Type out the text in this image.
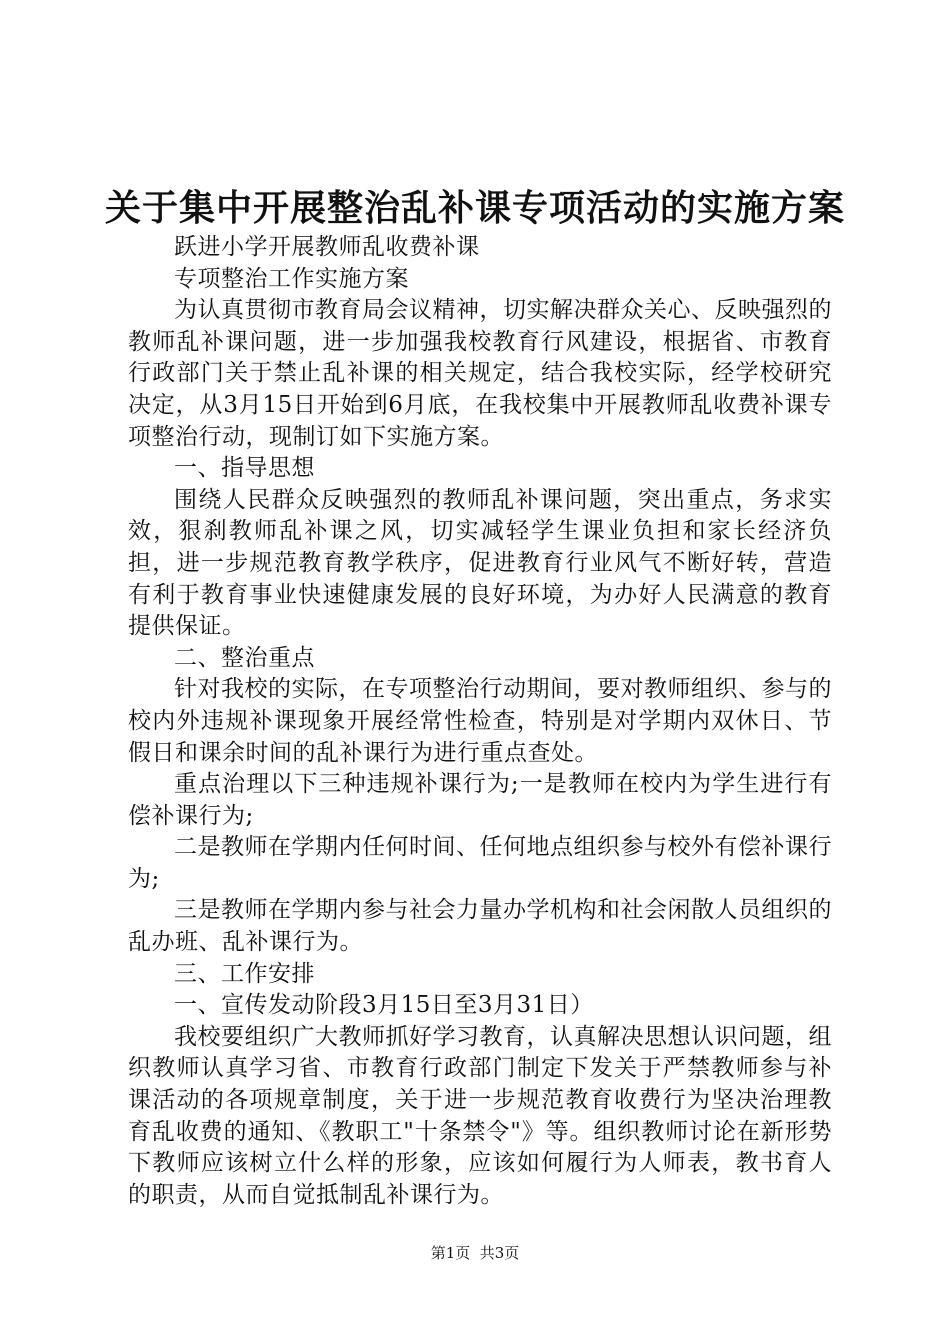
关于集中开展整治乱补课专项活动的实施方案

跃进小学开展教师乱收费补课

专项整治工作实施方案

为认真贯彻市教育局会议精神，切实解决群众关心、反映强烈的教师乱补课问题，进一步加强我校教育行风建设，根据省、市教育行政部门关于禁止乱补课的相关规定，结合我校实际，经学校研究决定，从3月15日开始到6月底，在我校集中开展教师乱收费补课专项整治行动，现制订如下实施方案。

一、指导思想

围绕人民群众反映强烈的教师乱补课问题，突出重点，务求实效，狠刹教师乱补课之风，切实减轻学生课业负担和家长经济负担，进一步规范教育教学秩序，促进教育行业风气不断好转，营造有利于教育事业快速健康发展的良好环境，为办好人民满意的教育提供保证。

二、整治重点

针对我校的实际，在专项整治行动期间，要对教师组织、参与的校内外违规补课现象开展经常性检查，特别是对学期内双休日、节假日和课余时间的乱补课行为进行重点查处。

重点治理以下三种违规补课行为;一是教师在校内为学生进行有偿补课行为;

二是教师在学期内任何时间、任何地点组织参与校外有偿补课行为;

三是教师在学期内参与社会力量办学机构和社会闲散人员组织的乱办班、乱补课行为。

三、工作安排

一、宣传发动阶段3月15日至3月31日）

我校要组织广大教师抓好学习教育，认真解决思想认识问题，组织教师认真学习省、市教育行政部门制定下发关于严禁教师参与补课活动的各项规章制度，关于进一步规范教育收费行为坚决治理教育乱收费的通知、《教职工"十条禁令"》等。组织教师讨论在新形势下教师应该树立什么样的形象，应该如何履行为人师表，教书育人的职责，从而自觉抵制乱补课行为。

第1页  共3页
